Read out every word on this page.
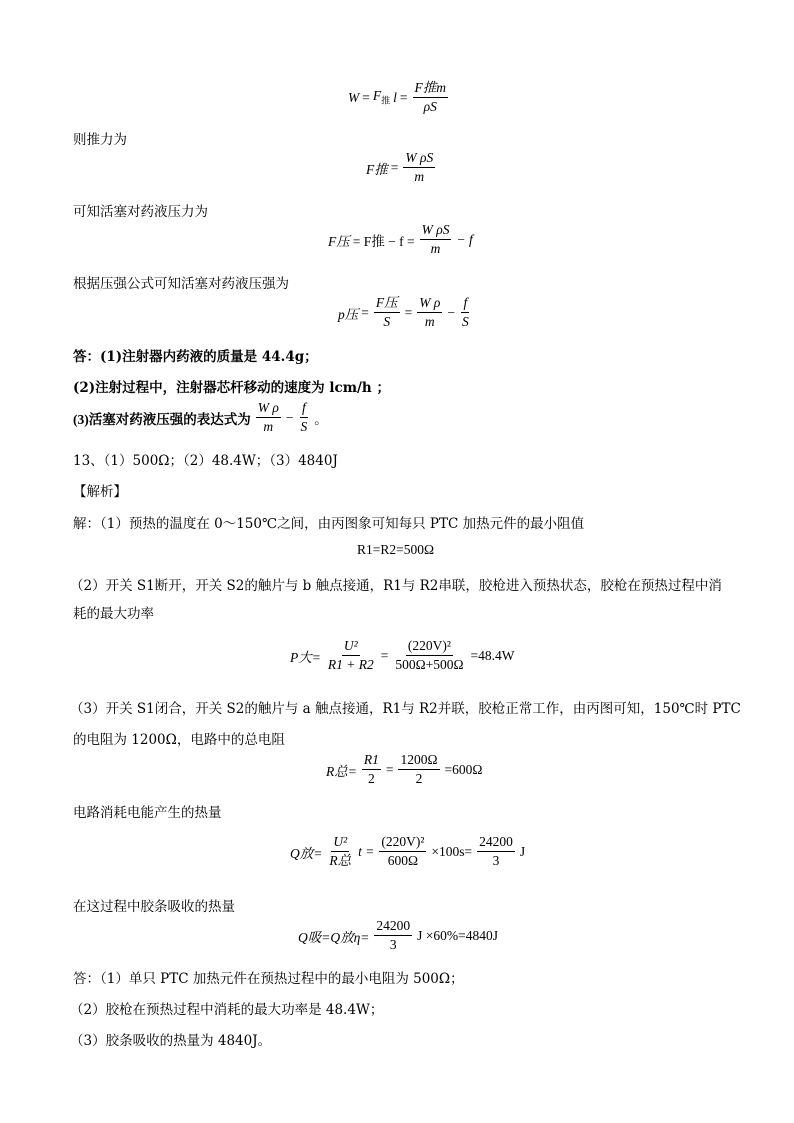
$W = F_推$ $l = \frac{\text{F推m}}{\rho S}$
则推力为
F推 = $\frac{\text{W ρS}}{m}$
可知活塞对药液压力为
F压 = F推 − $f = \frac{\text{W ρS}}{m} - f$
根据压强公式可知活塞对药液压强为
p压 = $\frac{\text{F压}}{S} = \frac{\text{W ρ}}{m} - \frac{f}{S}$
答：(1)注射器内药液的质量是 44.4g；
(2)注射过程中，注射器芯杆移动的速度为 lcm/h ；
(3)活塞对药液压强的表达式为 $\frac{\text{W ρ}}{m} - \frac{f}{S}$ 。
13、（1）500Ω；（2）48.4W；（3）4840J
【解析】
解：（1）预热的温度在 0～150℃之间，由丙图象可知每只 PTC 加热元件的最小阻值
R1=R2=500Ω
（2）开关 S1断开，开关 S2的触片与 b 触点接通，R1与 R2串联，胶枪进入预热状态，胶枪在预热过程中消
耗的最大功率
P大= $\frac{\text{U²}}{R1 + R2} = \frac{\text{(220V)²}}{500\Omega+500\Omega} =48.4W$
（3）开关 S1闭合，开关 S2的触片与 a 触点接通，R1与 R2并联，胶枪正常工作，由丙图可知，150℃时 PTC
的电阻为 1200Ω，电路中的总电阻
R总= $\frac{R1}{2} = \frac{1200\Omega}{2} =600\Omega$
电路消耗电能产生的热量
Q放= $\frac{\text{U²}}{\text{R总}}$ $t = \frac{\text{(220V)²}}{600\Omega} \times 100s= \frac{24200}{3}$ J
在这过程中胶条吸收的热量
Q吸=Q放$\eta= \frac{24200}{3}$ J ×60%=4840J
答：（1）单只 PTC 加热元件在预热过程中的最小电阻为 500Ω；
（2）胶枪在预热过程中消耗的最大功率是 48.4W；
（3）胶条吸收的热量为 4840J。
